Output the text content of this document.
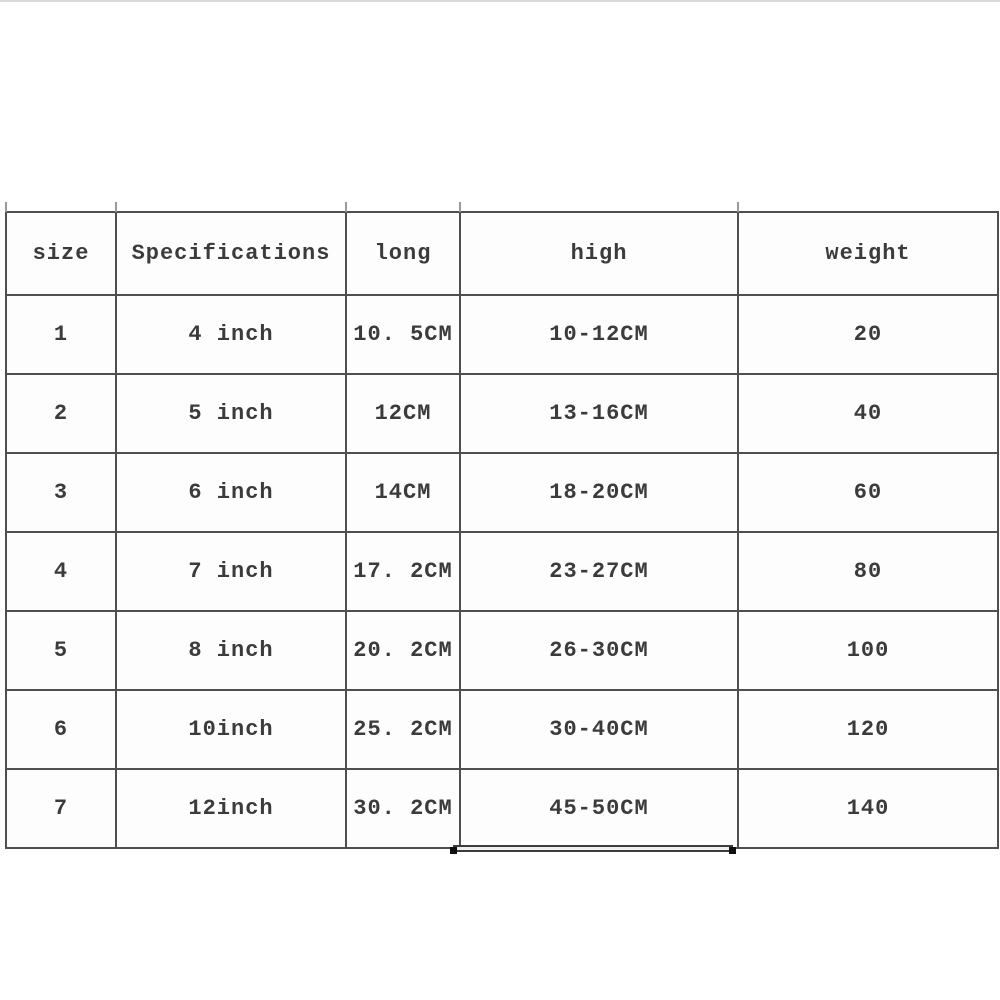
size	Specifications	long	high	weight
1	4 inch	10. 5CM	10-12CM	20
2	5 inch	12CM	13-16CM	40
3	6 inch	14CM	18-20CM	60
4	7 inch	17. 2CM	23-27CM	80
5	8 inch	20. 2CM	26-30CM	100
6	10inch	25. 2CM	30-40CM	120
7	12inch	30. 2CM	45-50CM	140
